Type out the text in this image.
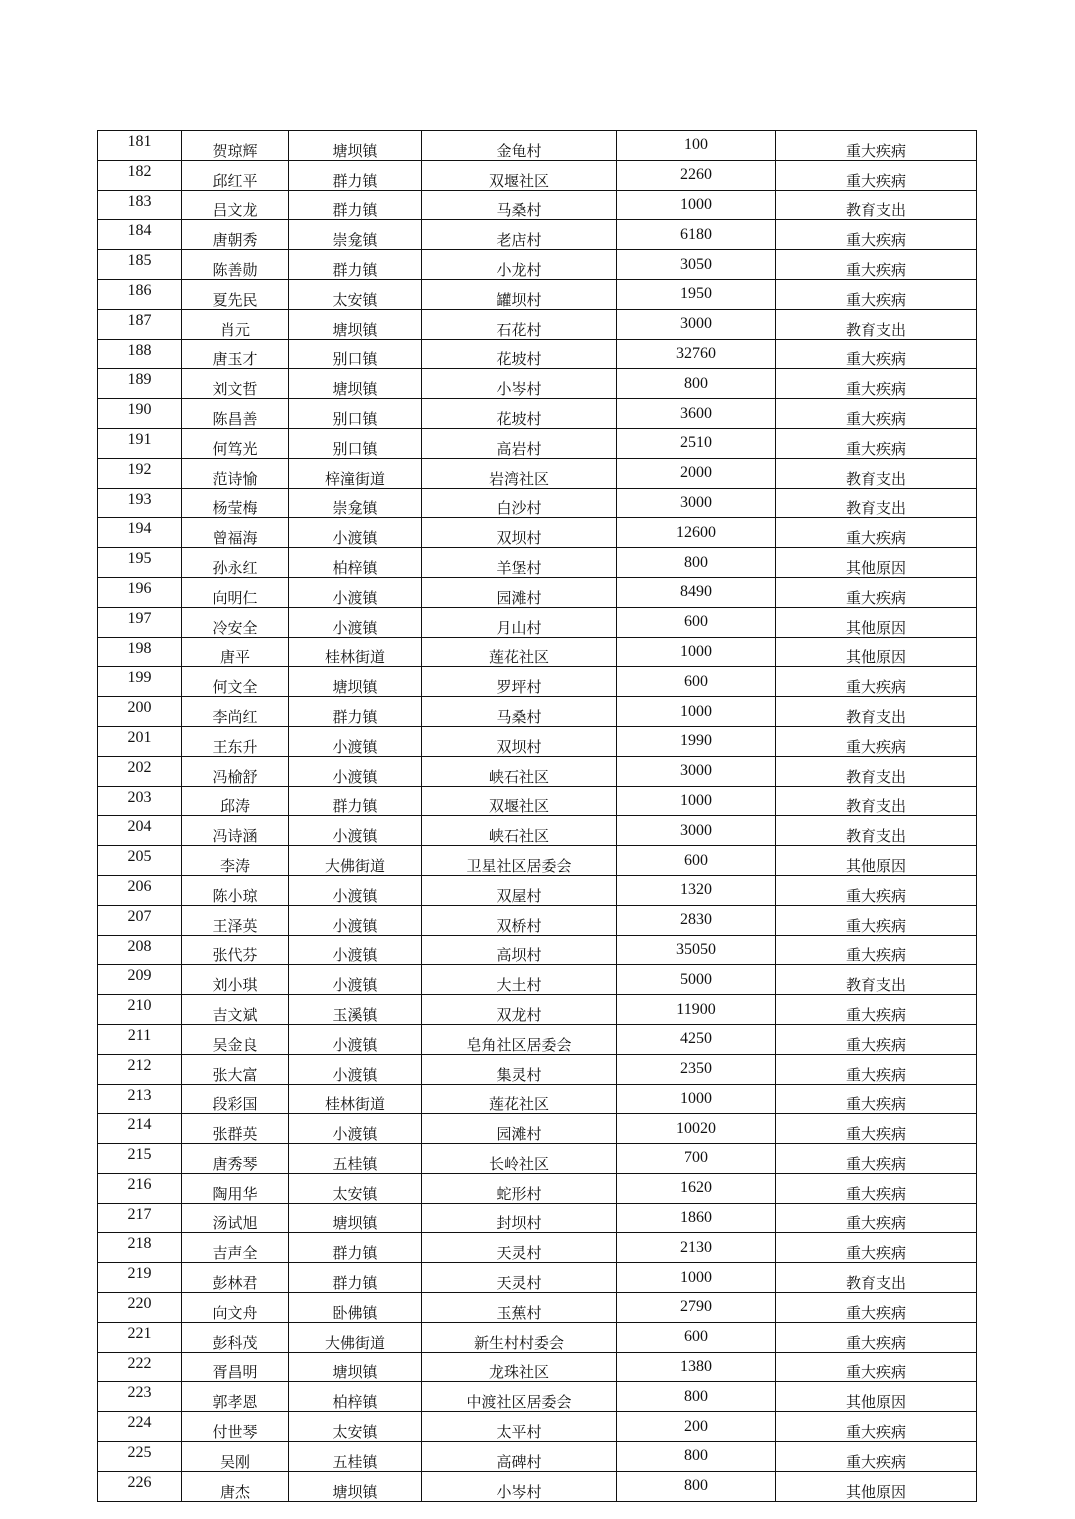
181	贺琼辉	塘坝镇	金龟村	100	重大疾病
182	邱红平	群力镇	双堰社区	2260	重大疾病
183	吕文龙	群力镇	马桑村	1000	教育支出
184	唐朝秀	崇龛镇	老店村	6180	重大疾病
185	陈善勋	群力镇	小龙村	3050	重大疾病
186	夏先民	太安镇	罐坝村	1950	重大疾病
187	肖元	塘坝镇	石花村	3000	教育支出
188	唐玉才	别口镇	花坡村	32760	重大疾病
189	刘文哲	塘坝镇	小岑村	800	重大疾病
190	陈昌善	别口镇	花坡村	3600	重大疾病
191	何笃光	别口镇	高岩村	2510	重大疾病
192	范诗愉	梓潼街道	岩湾社区	2000	教育支出
193	杨莹梅	崇龛镇	白沙村	3000	教育支出
194	曾福海	小渡镇	双坝村	12600	重大疾病
195	孙永红	柏梓镇	羊堡村	800	其他原因
196	向明仁	小渡镇	园滩村	8490	重大疾病
197	冷安全	小渡镇	月山村	600	其他原因
198	唐平	桂林街道	莲花社区	1000	其他原因
199	何文全	塘坝镇	罗坪村	600	重大疾病
200	李尚红	群力镇	马桑村	1000	教育支出
201	王东升	小渡镇	双坝村	1990	重大疾病
202	冯榆舒	小渡镇	峡石社区	3000	教育支出
203	邱涛	群力镇	双堰社区	1000	教育支出
204	冯诗涵	小渡镇	峡石社区	3000	教育支出
205	李涛	大佛街道	卫星社区居委会	600	其他原因
206	陈小琼	小渡镇	双屋村	1320	重大疾病
207	王泽英	小渡镇	双桥村	2830	重大疾病
208	张代芬	小渡镇	高坝村	35050	重大疾病
209	刘小琪	小渡镇	大土村	5000	教育支出
210	吉文斌	玉溪镇	双龙村	11900	重大疾病
211	吴金良	小渡镇	皂角社区居委会	4250	重大疾病
212	张大富	小渡镇	集灵村	2350	重大疾病
213	段彩国	桂林街道	莲花社区	1000	重大疾病
214	张群英	小渡镇	园滩村	10020	重大疾病
215	唐秀琴	五桂镇	长岭社区	700	重大疾病
216	陶用华	太安镇	蛇形村	1620	重大疾病
217	汤试旭	塘坝镇	封坝村	1860	重大疾病
218	吉声全	群力镇	天灵村	2130	重大疾病
219	彭林君	群力镇	天灵村	1000	教育支出
220	向文舟	卧佛镇	玉蕉村	2790	重大疾病
221	彭科茂	大佛街道	新生村村委会	600	重大疾病
222	胥昌明	塘坝镇	龙珠社区	1380	重大疾病
223	郭孝恩	柏梓镇	中渡社区居委会	800	其他原因
224	付世琴	太安镇	太平村	200	重大疾病
225	吴刚	五桂镇	高碑村	800	重大疾病
226	唐杰	塘坝镇	小岑村	800	其他原因
